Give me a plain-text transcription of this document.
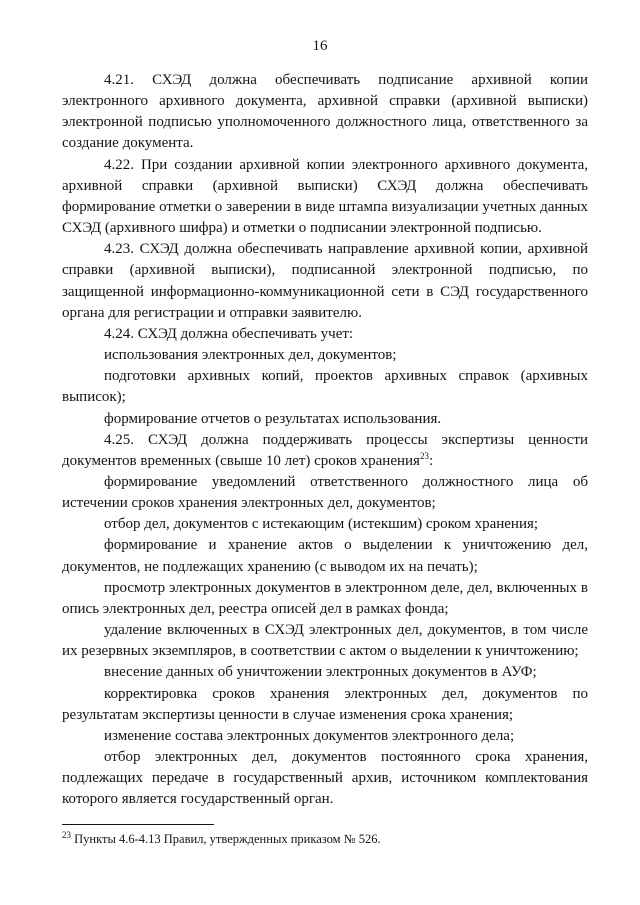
16

4.21. СХЭД должна обеспечивать подписание архивной копии электронного архивного документа, архивной справки (архивной выписки) электронной подписью уполномоченного должностного лица, ответственного за создание документа.

4.22. При создании архивной копии электронного архивного документа, архивной справки (архивной выписки) СХЭД должна обеспечивать формирование отметки о заверении в виде штампа визуализации учетных данных СХЭД (архивного шифра) и отметки о подписании электронной подписью.

4.23. СХЭД должна обеспечивать направление архивной копии, архивной справки (архивной выписки), подписанной электронной подписью, по защищенной информационно-коммуникационной сети в СЭД государственного органа для регистрации и отправки заявителю.

4.24. СХЭД должна обеспечивать учет:

использования электронных дел, документов;

подготовки архивных копий, проектов архивных справок (архивных выписок);

формирование отчетов о результатах использования.

4.25. СХЭД должна поддерживать процессы экспертизы ценности документов временных (свыше 10 лет) сроков хранения$^{23}$:

формирование уведомлений ответственного должностного лица об истечении сроков хранения электронных дел, документов;

отбор дел, документов с истекающим (истекшим) сроком хранения;

формирование и хранение актов о выделении к уничтожению дел, документов, не подлежащих хранению (с выводом их на печать);

просмотр электронных документов в электронном деле, дел, включенных в опись электронных дел, реестра описей дел в рамках фонда;

удаление включенных в СХЭД электронных дел, документов, в том числе их резервных экземпляров, в соответствии с актом о выделении к уничтожению;

внесение данных об уничтожении электронных документов в АУФ;

корректировка сроков хранения электронных дел, документов по результатам экспертизы ценности в случае изменения срока хранения;

изменение состава электронных документов электронного дела;

отбор электронных дел, документов постоянного срока хранения, подлежащих передаче в государственный архив, источником комплектования которого является государственный орган.

$^{23}$ Пункты 4.6-4.13 Правил, утвержденных приказом № 526.
